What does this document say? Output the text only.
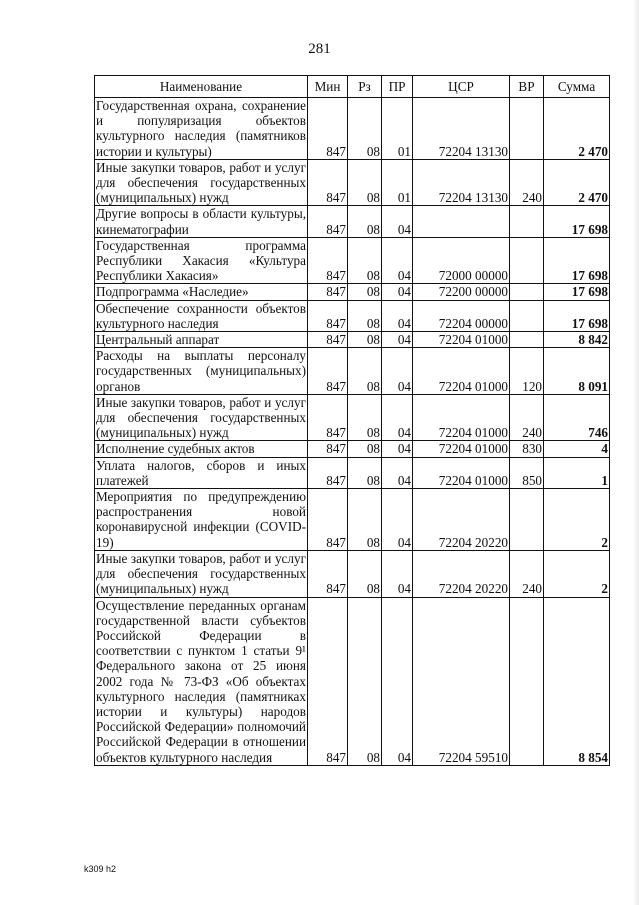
281
Наименование	Мин	Рз	ПР	ЦСР	ВР	Сумма
Государственная охрана, сохранение и популяризация объектов культурного наследия (памятников истории и культуры)	847	08	01	72204 13130		2 470
Иные закупки товаров, работ и услуг для обеспечения государственных (муниципальных) нужд	847	08	01	72204 13130	240	2 470
Другие вопросы в области культуры, кинематографии	847	08	04			17 698
Государственная программа Республики Хакасия «Культура Республики Хакасия»	847	08	04	72000 00000		17 698
Подпрограмма «Наследие»	847	08	04	72200 00000		17 698
Обеспечение сохранности объектов культурного наследия	847	08	04	72204 00000		17 698
Центральный аппарат	847	08	04	72204 01000		8 842
Расходы на выплаты персоналу государственных (муниципальных) органов	847	08	04	72204 01000	120	8 091
Иные закупки товаров, работ и услуг для обеспечения государственных (муниципальных) нужд	847	08	04	72204 01000	240	746
Исполнение судебных актов	847	08	04	72204 01000	830	4
Уплата налогов, сборов и иных платежей	847	08	04	72204 01000	850	1
Мероприятия по предупреждению распространения новой коронавирусной инфекции (COVID-19)	847	08	04	72204 20220		2
Иные закупки товаров, работ и услуг для обеспечения государственных (муниципальных) нужд	847	08	04	72204 20220	240	2
Осуществление переданных органам государственной власти субъектов Российской Федерации в соответствии с пунктом 1 статьи 9¹ Федерального закона от 25 июня 2002 года № 73-ФЗ «Об объектах культурного наследия (памятниках истории и культуры) народов Российской Федерации» полномочий Российской Федерации в отношении объектов культурного наследия	847	08	04	72204 59510		8 854
k309 h2
